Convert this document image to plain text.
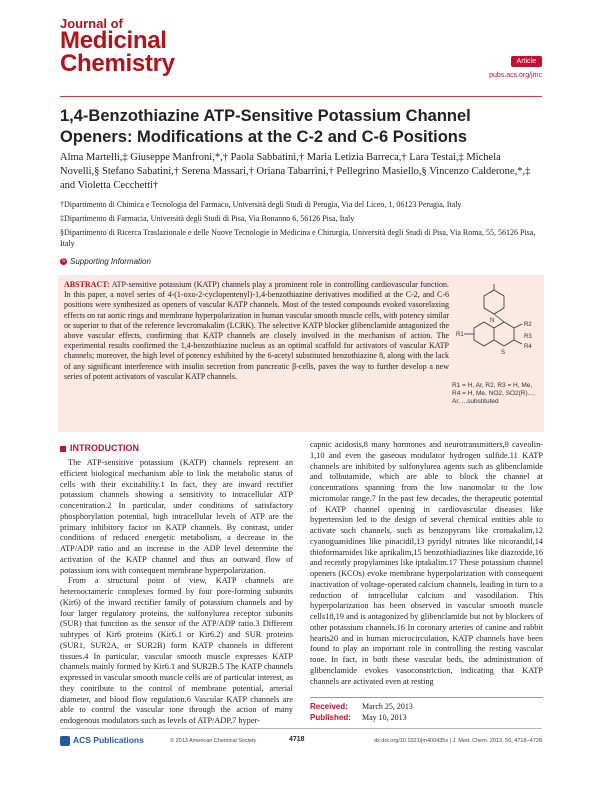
Journal of
Medicinal
Chemistry	Article
pubs.acs.org/jmc
1,4-Benzothiazine ATP-Sensitive Potassium Channel Openers: Modifications at the C-2 and C-6 Positions
Alma Martelli,‡ Giuseppe Manfroni,*,† Paola Sabbatini,† Maria Letizia Barreca,† Lara Testai,‡ Michela Novelli,§ Stefano Sabatini,† Serena Massari,† Oriana Tabarrini,† Pellegrino Masiello,§ Vincenzo Calderone,*,‡ and Violetta Cecchetti†

†Dipartimento di Chimica e Tecnologia del Farmaco, Università degli Studi di Perugia, Via del Liceo, 1, 06123 Perugia, Italy

‡Dipartimento di Farmacia, Università degli Studi di Pisa, Via Bonanno 6, 56126 Pisa, Italy

§Dipartimento di Ricerca Traslazionale e delle Nuove Tecnologie in Medicina e Chirurgia, Università degli Studi di Pisa, Via Roma, 55, 56126 Pisa, Italy

S Supporting Information
ABSTRACT: ATP-sensitive potassium (KATP) channels play a prominent role in controlling cardiovascular function. In this paper, a novel series of 4-(1-oxo-2-cyclopentenyl)-1,4-benzothiazine derivatives modified at the C-2, and C-6 positions were synthesized as openers of vascular KATP channels. Most of the tested compounds evoked vasorelaxing effects on rat aortic rings and membrane hyperpolarization in human vascular smooth muscle cells, with potency similar or superior to that of the reference levcromakalim (LCRK). The selective KATP blocker glibenclamide antagonized the above vascular effects, confirming that KATP channels are closely involved in the mechanism of action. The experimental results confirmed the 1,4-benzothiazine nucleus as an optimal scaffold for activators of vascular KATP channels; moreover, the high level of potency exhibited by the 6-acetyl substituted benzothiazine 8, along with the lack of any significant interference with insulin secretion from pancreatic β-cells, paves the way to further develop a new series of potent activators of vascular KATP channels.
R2
R3
R4
R1
S
N
R1 = H, Ar, R2, R3 = H, Me, R4 = H, Me, NO2, SO2(R)..., Ar, ...substituted
INTRODUCTION

The ATP-sensitive potassium (KATP) channels represent an efficient biological mechanism able to link the metabolic status of cells with their excitability.1 In fact, they are inward rectifier potassium channels showing a sensitivity to intracellular ATP concentration.2 In particular, under conditions of satisfactory phosphorylation potential, high intracellular levels of ATP are the primary inhibitory factor on KATP channels. By contrast, under conditions of reduced energetic metabolism, a decrease in the ATP/ADP ratio and an increase in the ADP level determine the activation of the KATP channel and thus an outward flow of potassium ions with consequent membrane hyperpolarization.

From a structural point of view, KATP channels are heterooctameric complexes formed by four pore-forming subunits (Kir6) of the inward rectifier family of potassium channels and by four larger regulatory proteins, the sulfonylurea receptor subunits (SUR) that function as the sensor of the ATP/ADP ratio.3 Different subtypes of Kir6 proteins (Kir6.1 or Kir6.2) and SUR proteins (SUR1, SUR2A, or SUR2B) form KATP channels in different tissues.4 In particular, vascular smooth muscle expresses KATP channels mainly formed by Kir6.1 and SUR2B.5 The KATP channels expressed in vascular smooth muscle cells are of particular interest, as they contribute to the control of membrane potential, arterial diameter, and blood flow regulation.6 Vascular KATP channels are able to control the vascular tone through the action of many endogenous modulators such as levels of ATP/ADP,7 hyper-

capnic acidosis,8 many hormones and neurotransmitters,9 caveolin-1,10 and even the gaseous modulator hydrogen sulfide.11 KATP channels are inhibited by sulfonylurea agents such as glibenclamide and tolbutamide, which are able to block the channel at concentrations spanning from the low nanomolar to the low micromolar range.7 In the past few decades, the therapeutic potential of KATP channel opening in cardiovascular diseases like hypertension led to the design of several chemical entities able to activate such channels, such as benzopyrans like cromakalim,12 cyanoguanidines like pinacidil,13 pyridyl nitrates like nicorandil,14 thioformamides like aprikalim,15 benzothiadiazines like diazoxide,16 and recently propylamines like iptakalim.17 These potassium channel openers (KCOs) evoke membrane hyperpolarization with consequent inactivation of voltage-operated calcium channels, leading in turn to a reduction of intracellular calcium and vasodilation. This hyperpolarization has been observed in vascular smooth muscle cells18,19 and is antagonized by glibenclamide but not by blockers of other potassium channels.16 In coronary arteries of canine and rabbit hearts20 and in human microcirculation, KATP channels have been found to play an important role in controlling the resting vascular tone. In fact, in both these vascular beds, the administration of glibenclamide evokes vasoconstriction, indicating that KATP channels are activated even at resting

Received: March 25, 2013
Published: May 10, 2013
ACS Publications	© 2013 American Chemical Society	4718	dx.doi.org/10.1021/jm400435x | J. Med. Chem. 2013, 56, 4718−4728
